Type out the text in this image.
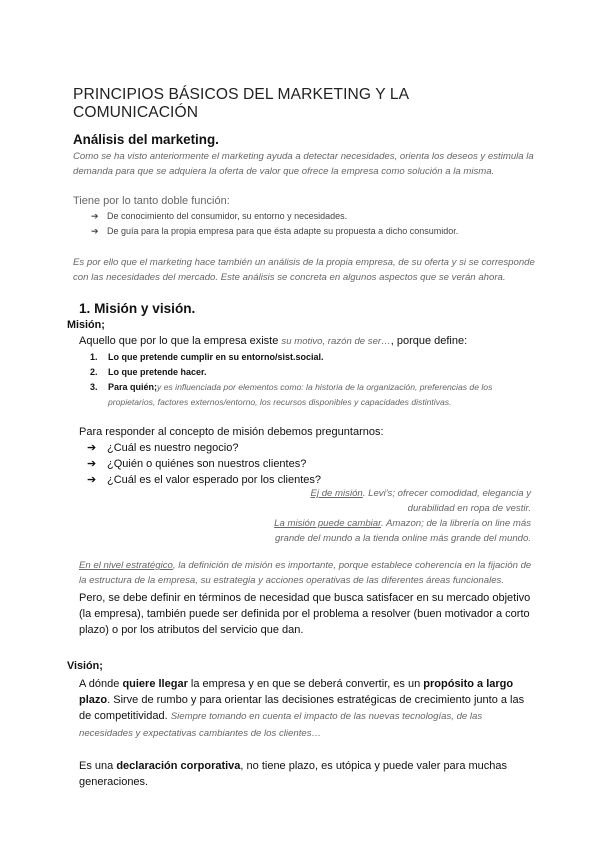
PRINCIPIOS BÁSICOS DEL MARKETING Y LA COMUNICACIÓN
Análisis del marketing.

Como se ha visto anteriormente el marketing ayuda a detectar necesidades, orienta los deseos y estimula la demanda para que se adquiera la oferta de valor que ofrece la empresa como solución a la misma.

Tiene por lo tanto doble función:

➔ De conocimiento del consumidor, su entorno y necesidades.
➔ De guía para la propia empresa para que ésta adapte su propuesta a dicho consumidor.

Es por ello que el marketing hace también un análisis de la propia empresa, de su oferta y si se corresponde con las necesidades del mercado. Este análisis se concreta en algunos aspectos que se verán ahora.

1. Misión y visión.
Misión;

Aquello que por lo que la empresa existe su motivo, razón de ser…, porque define:

1. Lo que pretende cumplir en su entorno/sist.social.
2. Lo que pretende hacer.
3. Para quién;y es influenciada por elementos como: la historia de la organización, preferencias de los propietarios, factores externos/entorno, los recursos disponibles y capacidades distintivas.

Para responder al concepto de misión debemos preguntarnos:

➔ ¿Cuál es nuestro negocio?
➔ ¿Quién o quiénes son nuestros clientes?
➔ ¿Cuál es el valor esperado por los clientes?

Ej de misión. Levi's; ofrecer comodidad, elegancia y

durabilidad en ropa de vestir.

La misión puede cambiar. Amazon; de la librería on line más

grande del mundo a la tienda online más grande del mundo.

En el nivel estratégico, la definición de misión es importante, porque establece coherencia en la fijación de la estructura de la empresa, su estrategia y acciones operativas de las diferentes áreas funcionales.

Pero, se debe definir en términos de necesidad que busca satisfacer en su mercado objetivo (la empresa), también puede ser definida por el problema a resolver (buen motivador a corto plazo) o por los atributos del servicio que dan.

Visión;

A dónde quiere llegar la empresa y en que se deberá convertir, es un propósito a largo plazo. Sirve de rumbo y para orientar las decisiones estratégicas de crecimiento junto a las de competitividad. Siempre tomando en cuenta el impacto de las nuevas tecnologías, de las necesidades y expectativas cambiantes de los clientes…

Es una declaración corporativa, no tiene plazo, es utópica y puede valer para muchas generaciones.
